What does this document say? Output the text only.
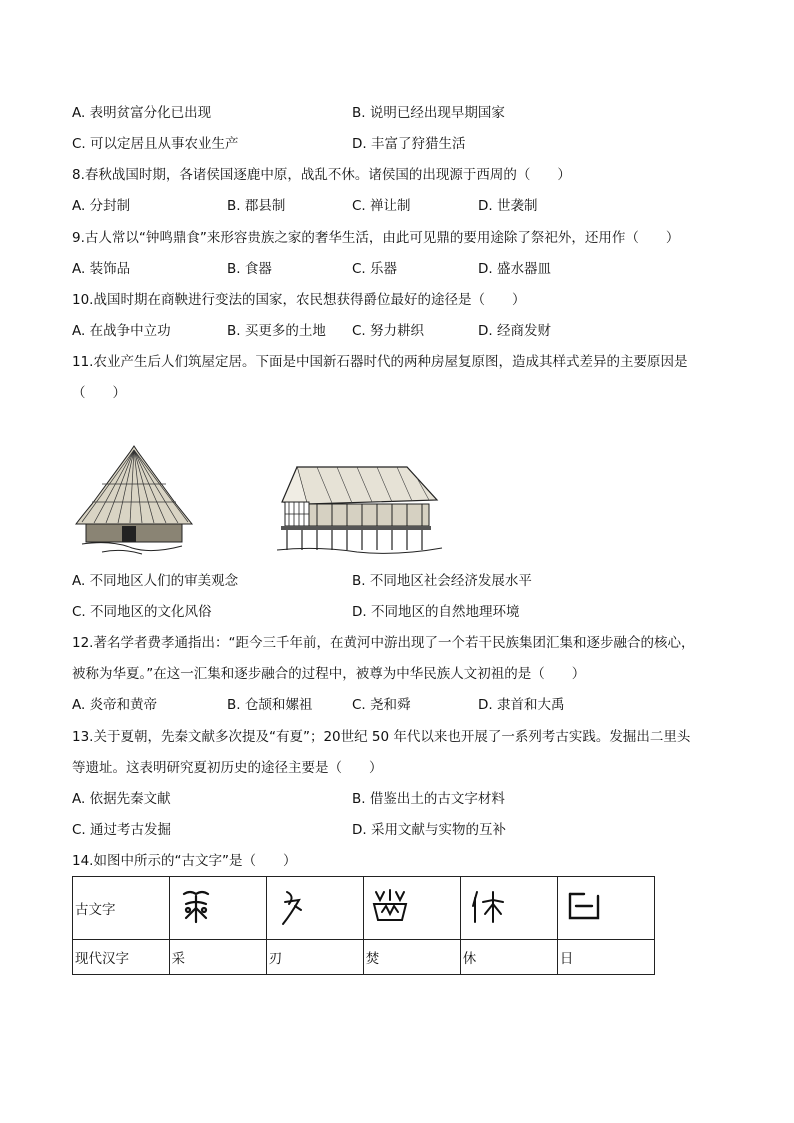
A. 表明贫富分化已出现	B. 说明已经出现早期国家
C. 可以定居且从事农业生产	D. 丰富了狩猎生活
8.春秋战国时期，各诸侯国逐鹿中原，战乱不休。诸侯国的出现源于西周的（　　）
A. 分封制	B. 郡县制	C. 禅让制	D. 世袭制
9.古人常以“钟鸣鼎食”来形容贵族之家的奢华生活，由此可见鼎的要用途除了祭祀外，还用作（　　）
A. 装饰品	B. 食器	C. 乐器	D. 盛水器皿
10.战国时期在商鞅进行变法的国家，农民想获得爵位最好的途径是（　　）
A. 在战争中立功	B. 买更多的土地 C. 努力耕织	D. 经商发财
11.农业产生后人们筑屋定居。下面是中国新石器时代的两种房屋复原图，造成其样式差异的主要原因是
（　　）
A. 不同地区人们的审美观念	B. 不同地区社会经济发展水平
C. 不同地区的文化风俗	D. 不同地区的自然地理环境
12.著名学者费孝通指出：“距今三千年前，在黄河中游出现了一个若干民族集团汇集和逐步融合的核心，
被称为华夏。”在这一汇集和逐步融合的过程中，被尊为中华民族人文初祖的是（　　）
A. 炎帝和黄帝	B. 仓颉和嫘祖	C. 尧和舜	D. 隶首和大禹
13.关于夏朝，先秦文献多次提及“有夏”；20世纪 50 年代以来也开展了一系列考古实践。发掘出二里头
等遗址。这表明研究夏初历史的途径主要是（　　）
A. 依据先秦文献	B. 借鉴出土的古文字材料
C. 通过考古发掘	D. 采用文献与实物的互补
14.如图中所示的“古文字”是（　　）
古文字					
现代汉字	采	刃	焚	休	日
